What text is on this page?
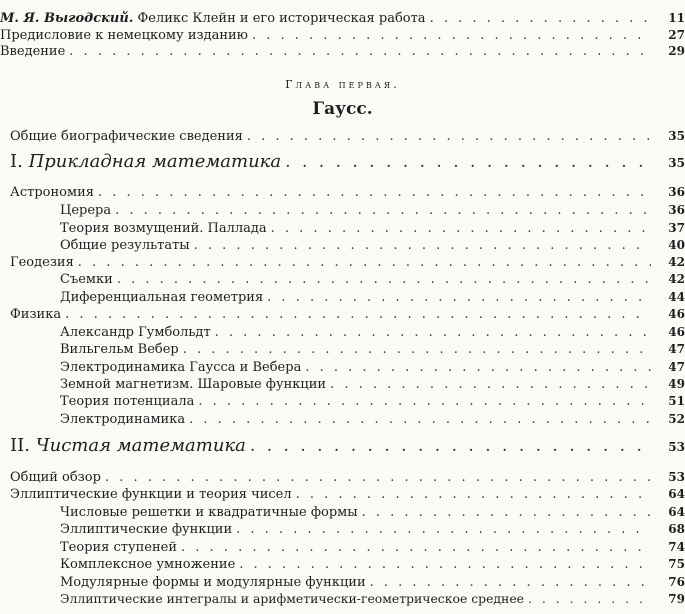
М. Я. Выгодский. Феликс Клейн и его историческая работа . . .	11
Предисловие к немецкому изданию . . .	27
Введение . . .	29
Глава первая.
Гаусс.
Общие биографические сведения . . .	35
I. Прикладная математика . . .	35
Астрономия . . .	36
Церера . . .	36
Теория возмущений. Паллада . . .	37
Общие результаты . . .	40
Геодезия . . .	42
Съемки . . .	42
Диференциальная геометрия . . .	44
Физика . . .	46
Александр Гумбольдт . . .	46
Вильгельм Вебер . . .	47
Электродинамика Гаусса и Вебера . . .	47
Земной магнетизм. Шаровые функции . . .	49
Теория потенциала . . .	51
Электродинамика . . .	52
II. Чистая математика . . .	53
Общий обзор . . .	53
Эллиптические функции и теория чисел . . .	64
Числовые решетки и квадратичные формы . . .	64
Эллиптические функции . . .	68
Теория ступеней . . .	74
Комплексное умножение . . .	75
Модулярные формы и модулярные функции . . .	76
Эллиптические интегралы и арифметически-геометрическое среднее . . .	79
